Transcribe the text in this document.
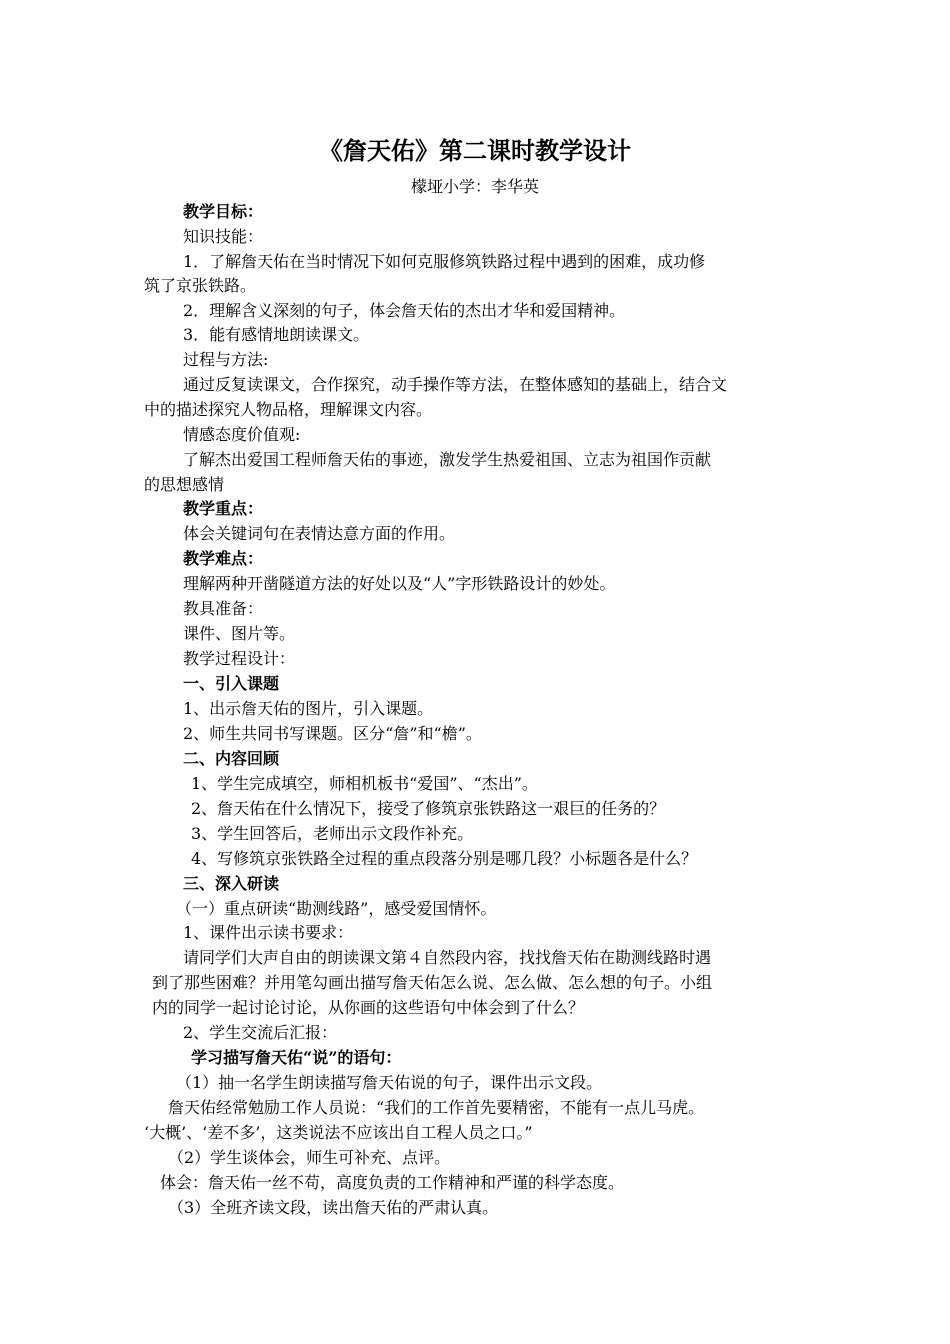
《詹天佑》第二课时教学设计
檬垭小学：李华英
教学目标：
知识技能：
1．了解詹天佑在当时情况下如何克服修筑铁路过程中遇到的困难，成功修
筑了京张铁路。
2．理解含义深刻的句子，体会詹天佑的杰出才华和爱国精神。
3．能有感情地朗读课文。
过程与方法:
通过反复读课文，合作探究，动手操作等方法，在整体感知的基础上，结合文
中的描述探究人物品格，理解课文内容。
情感态度价值观:
了解杰出爱国工程师詹天佑的事迹，激发学生热爱祖国、立志为祖国作贡献
的思想感情
教学重点：
体会关键词句在表情达意方面的作用。
教学难点：
理解两种开凿隧道方法的好处以及“人”字形铁路设计的妙处。
教具准备：
课件、图片等。
教学过程设计：
一、引入课题
1、出示詹天佑的图片，引入课题。
2、师生共同书写课题。区分“詹”和“檐”。
二、内容回顾
1、学生完成填空，师相机板书“爱国”、“杰出”。
2、詹天佑在什么情况下，接受了修筑京张铁路这一艰巨的任务的？
3、学生回答后，老师出示文段作补充。
4、写修筑京张铁路全过程的重点段落分别是哪几段？小标题各是什么？
三、深入研读
（一）重点研读“勘测线路”，感受爱国情怀。
1、课件出示读书要求：
请同学们大声自由的朗读课文第４自然段内容，找找詹天佑在勘测线路时遇
到了那些困难？并用笔勾画出描写詹天佑怎么说、怎么做、怎么想的句子。小组
内的同学一起讨论讨论，从你画的这些语句中体会到了什么？
2、学生交流后汇报：
学习描写詹天佑“说”的语句：
（1）抽一名学生朗读描写詹天佑说的句子，课件出示文段。
詹天佑经常勉励工作人员说：“我们的工作首先要精密，不能有一点儿马虎。
‘大概’、‘差不多’，这类说法不应该出自工程人员之口。”
（2）学生谈体会，师生可补充、点评。
体会：詹天佑一丝不苟，高度负责的工作精神和严谨的科学态度。
（3）全班齐读文段，读出詹天佑的严肃认真。
